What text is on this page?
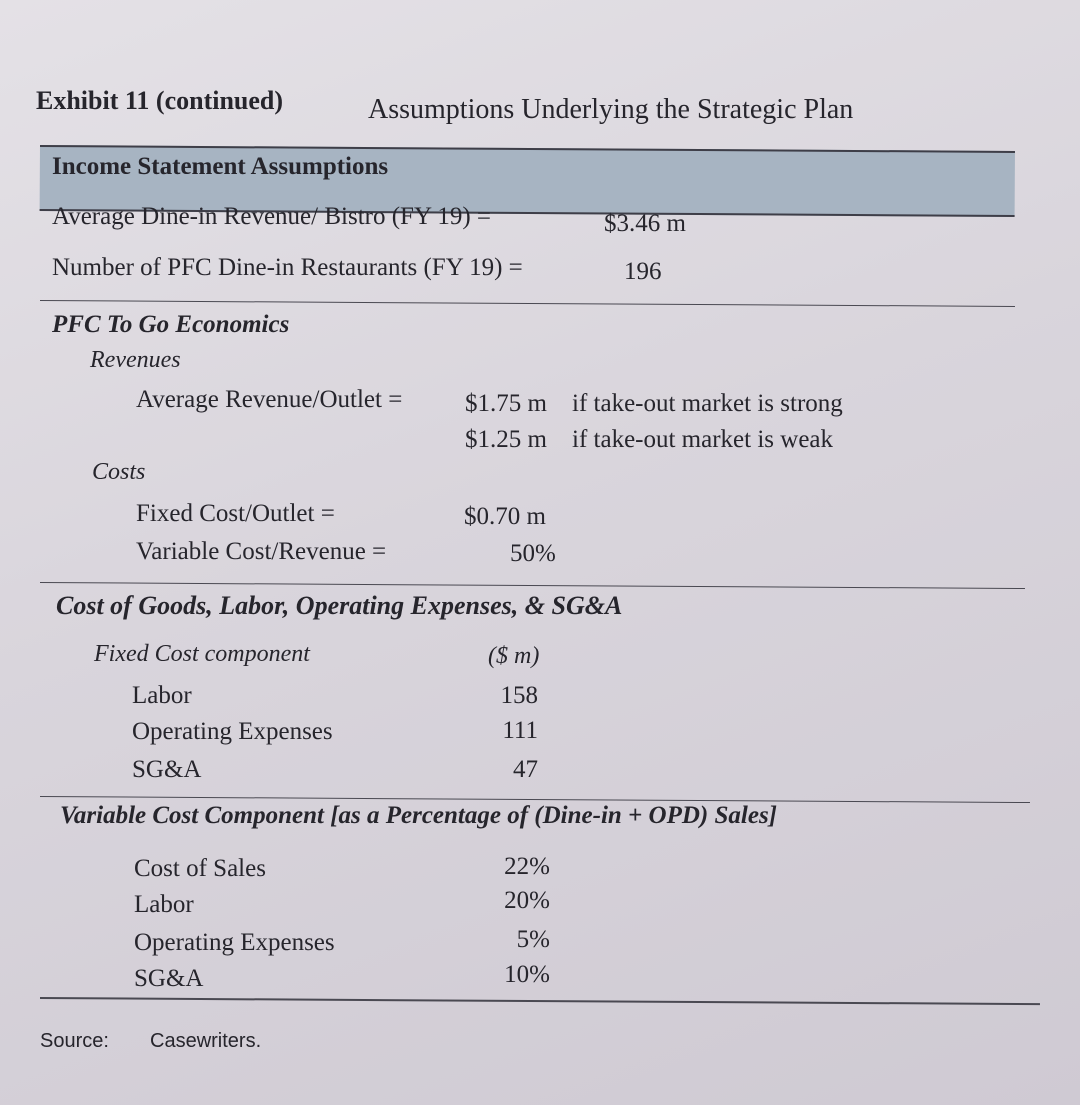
Exhibit 11 (continued)	Assumptions Underlying the Strategic Plan
Income Statement Assumptions
Average Dine-in Revenue/ Bistro (FY 19) =	$3.46 m
Number of PFC Dine-in Restaurants (FY 19) =	196
PFC To Go Economics
Revenues
Average Revenue/Outlet =	$1.75 m if take-out market is strong
$1.25 m if take-out market is weak
Costs
Fixed Cost/Outlet =	$0.70 m
Variable Cost/Revenue =	50%
Cost of Goods, Labor, Operating Expenses, & SG&A
Fixed Cost component	($ m)
Labor	158
Operating Expenses	111
SG&A	47
Variable Cost Component [as a Percentage of (Dine-in + OPD) Sales]
Cost of Sales	22%
Labor	20%
Operating Expenses	5%
SG&A	10%
Source: Casewriters.
